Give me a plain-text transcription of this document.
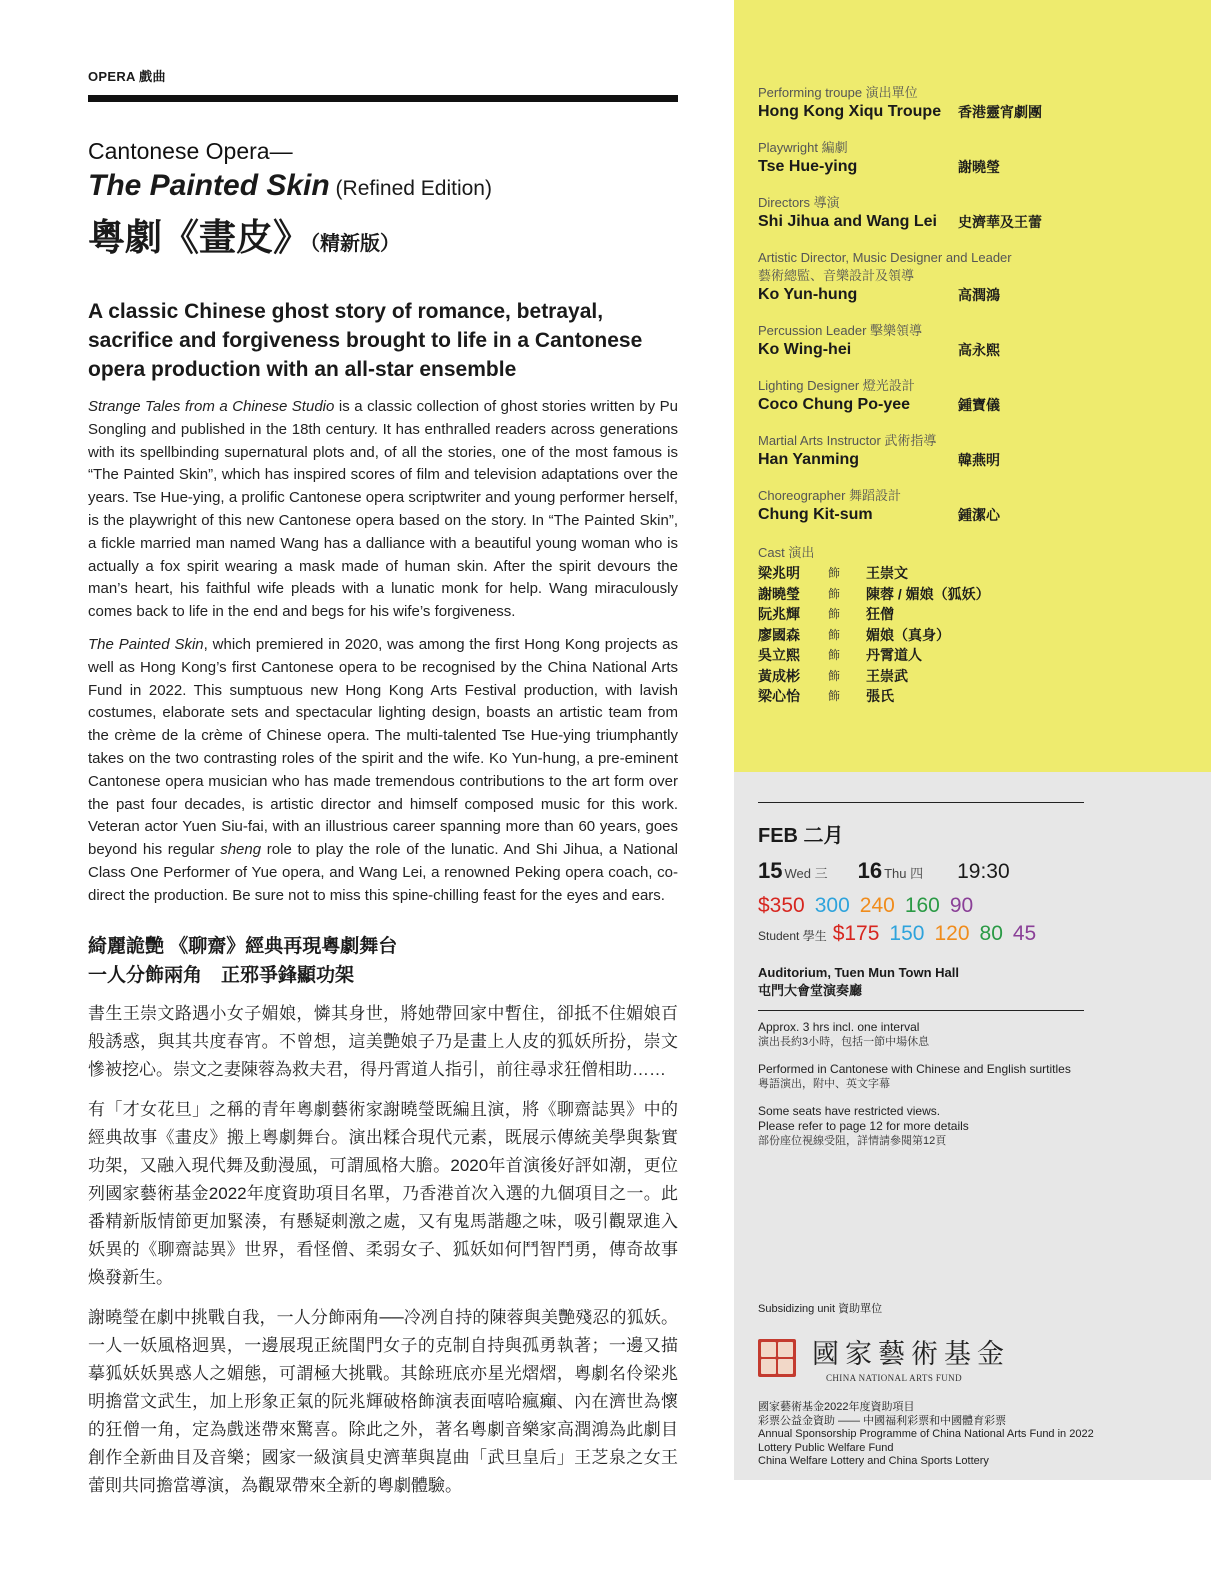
OPERA 戲曲
Cantonese Opera—
The Painted Skin (Refined Edition)
粵劇《畫皮》（精新版）
A classic Chinese ghost story of romance, betrayal, sacrifice and forgiveness brought to life in a Cantonese opera production with an all-star ensemble

Strange Tales from a Chinese Studio is a classic collection of ghost stories written by Pu Songling and published in the 18th century. It has enthralled readers across generations with its spellbinding supernatural plots and, of all the stories, one of the most famous is “The Painted Skin”, which has inspired scores of film and television adaptations over the years. Tse Hue-ying, a prolific Cantonese opera scriptwriter and young performer herself, is the playwright of this new Cantonese opera based on the story. In “The Painted Skin”, a fickle married man named Wang has a dalliance with a beautiful young woman who is actually a fox spirit wearing a mask made of human skin. After the spirit devours the man’s heart, his faithful wife pleads with a lunatic monk for help. Wang miraculously comes back to life in the end and begs for his wife’s forgiveness.

The Painted Skin, which premiered in 2020, was among the first Hong Kong projects as well as Hong Kong’s first Cantonese opera to be recognised by the China National Arts Fund in 2022. This sumptuous new Hong Kong Arts Festival production, with lavish costumes, elaborate sets and spectacular lighting design, boasts an artistic team from the crème de la crème of Chinese opera. The multi-talented Tse Hue-ying triumphantly takes on the two contrasting roles of the spirit and the wife. Ko Yun-hung, a pre-eminent Cantonese opera musician who has made tremendous contributions to the art form over the past four decades, is artistic director and himself composed music for this work. Veteran actor Yuen Siu-fai, with an illustrious career spanning more than 60 years, goes beyond his regular sheng role to play the role of the lunatic. And Shi Jihua, a National Class One Performer of Yue opera, and Wang Lei, a renowned Peking opera coach, co-direct the production. Be sure not to miss this spine-chilling feast for the eyes and ears.

綺麗詭艷 《聊齋》經典再現粵劇舞台
一人分飾兩角　正邪爭鋒顯功架

書生王崇文路遇小女子媚娘，憐其身世，將她帶回家中暫住，卻抵不住媚娘百般誘惑，與其共度春宵。不曾想，這美艷娘子乃是畫上人皮的狐妖所扮，崇文慘被挖心。崇文之妻陳蓉為救夫君，得丹霄道人指引，前往尋求狂僧相助……

有「才女花旦」之稱的青年粵劇藝術家謝曉瑩既編且演，將《聊齋誌異》中的經典故事《畫皮》搬上粵劇舞台。演出糅合現代元素，既展示傳統美學與紮實功架，又融入現代舞及動漫風，可謂風格大膽。2020年首演後好評如潮，更位列國家藝術基金2022年度資助項目名單，乃香港首次入選的九個項目之一。此番精新版情節更加緊湊，有懸疑刺激之處，又有鬼馬諧趣之味，吸引觀眾進入妖異的《聊齋誌異》世界，看怪僧、柔弱女子、狐妖如何鬥智鬥勇，傳奇故事煥發新生。

謝曉瑩在劇中挑戰自我，一人分飾兩角──冷冽自持的陳蓉與美艷殘忍的狐妖。一人一妖風格迥異，一邊展現正統閨門女子的克制自持與孤勇執著；一邊又描摹狐妖妖異惑人之媚態，可謂極大挑戰。其餘班底亦星光熠熠，粵劇名伶梁兆明擔當文武生，加上形象正氣的阮兆輝破格飾演表面嘻哈瘋癲、內在濟世為懷的狂僧一角，定為戲迷帶來驚喜。除此之外，著名粵劇音樂家高潤鴻為此劇目創作全新曲目及音樂；國家一級演員史濟華與崑曲「武旦皇后」王芝泉之女王蕾則共同擔當導演，為觀眾帶來全新的粵劇體驗。

Performing troupe 演出單位
Hong Kong Xiqu Troupe	香港靈宵劇團
Playwright 編劇
Tse Hue-ying	謝曉瑩
Directors 導演
Shi Jihua and Wang Lei	史濟華及王蕾
Artistic Director, Music Designer and Leader
藝術總監、音樂設計及領導
Ko Yun-hung	高潤鴻
Percussion Leader 擊樂領導
Ko Wing-hei	高永熙
Lighting Designer 燈光設計
Coco Chung Po-yee	鍾寶儀
Martial Arts Instructor 武術指導
Han Yanming	韓燕明
Choreographer 舞蹈設計
Chung Kit-sum	鍾潔心
Cast 演出
梁兆明	飾	王崇文
謝曉瑩	飾	陳蓉 / 媚娘（狐妖）
阮兆輝	飾	狂僧
廖國森	飾	媚娘（真身）
吳立熙	飾	丹霄道人
黃成彬	飾	王崇武
梁心怡	飾	張氏
FEB 二月
15 Wed 三 16 Thu 四 19:30
$350 300 240 160 90
Student 學生 $175 150 120 80 45
Auditorium, Tuen Mun Town Hall
屯門大會堂演奏廳
Approx. 3 hrs incl. one interval
演出長約3小時，包括一節中場休息
Performed in Cantonese with Chinese and English surtitles
粵語演出，附中、英文字幕
Some seats have restricted views.
Please refer to page 12 for more details
部份座位視線受阻，詳情請參閱第12頁
Subsidizing unit 資助單位
國家藝術基金
CHINA NATIONAL ARTS FUND
國家藝術基金2022年度資助項目
彩票公益金資助 —— 中國福利彩票和中國體育彩票
Annual Sponsorship Programme of China National Arts Fund in 2022
Lottery Public Welfare Fund
China Welfare Lottery and China Sports Lottery
